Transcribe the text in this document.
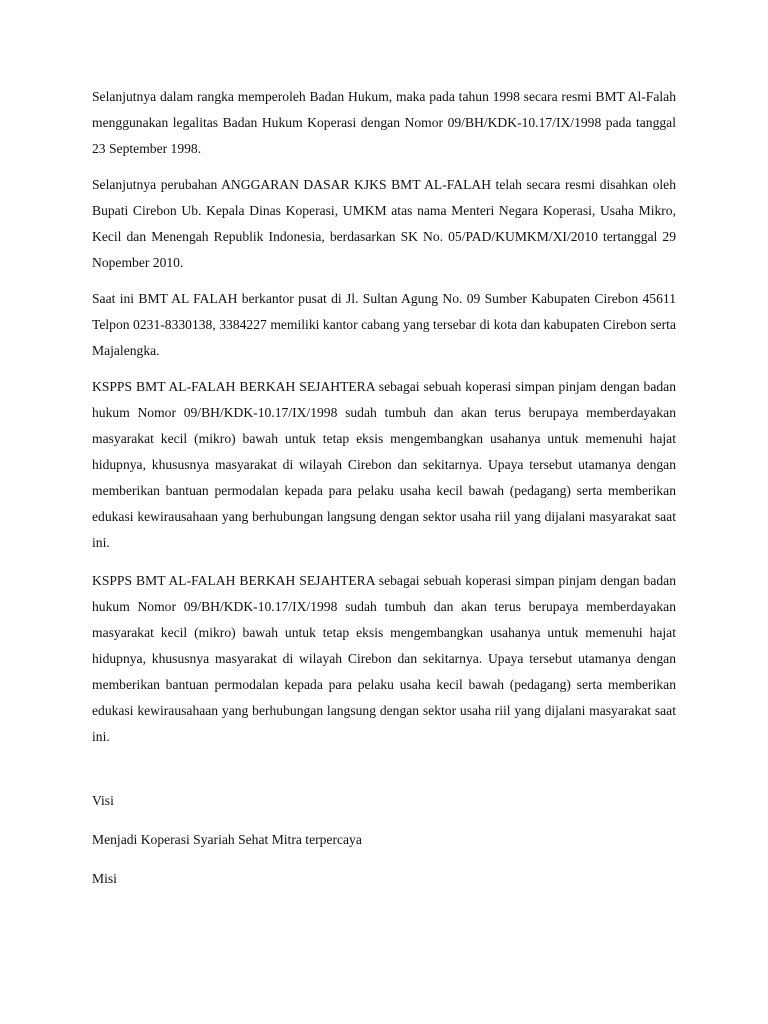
Selanjutnya dalam rangka memperoleh Badan Hukum, maka pada tahun 1998 secara resmi BMT Al-Falah menggunakan legalitas Badan Hukum Koperasi dengan Nomor 09/BH/KDK-10.17/IX/1998 pada tanggal 23 September 1998.

Selanjutnya perubahan ANGGARAN DASAR KJKS BMT AL-FALAH telah secara resmi disahkan oleh Bupati Cirebon Ub. Kepala Dinas Koperasi, UMKM atas nama Menteri Negara Koperasi, Usaha Mikro, Kecil dan Menengah Republik Indonesia, berdasarkan SK No. 05/PAD/KUMKM/XI/2010 tertanggal 29 Nopember 2010.

Saat ini BMT AL FALAH berkantor pusat di Jl. Sultan Agung No. 09 Sumber Kabupaten Cirebon 45611 Telpon 0231-8330138, 3384227 memiliki kantor cabang yang tersebar di kota dan kabupaten Cirebon serta Majalengka.

KSPPS BMT AL-FALAH BERKAH SEJAHTERA sebagai sebuah koperasi simpan pinjam dengan badan hukum Nomor 09/BH/KDK-10.17/IX/1998 sudah tumbuh dan akan terus berupaya memberdayakan masyarakat kecil (mikro) bawah untuk tetap eksis mengembangkan usahanya untuk memenuhi hajat hidupnya, khususnya masyarakat di wilayah Cirebon dan sekitarnya. Upaya tersebut utamanya dengan memberikan bantuan permodalan kepada para pelaku usaha kecil bawah (pedagang) serta memberikan edukasi kewirausahaan yang berhubungan langsung dengan sektor usaha riil yang dijalani masyarakat saat ini.

KSPPS BMT AL-FALAH BERKAH SEJAHTERA sebagai sebuah koperasi simpan pinjam dengan badan hukum Nomor 09/BH/KDK-10.17/IX/1998 sudah tumbuh dan akan terus berupaya memberdayakan masyarakat kecil (mikro) bawah untuk tetap eksis mengembangkan usahanya untuk memenuhi hajat hidupnya, khususnya masyarakat di wilayah Cirebon dan sekitarnya. Upaya tersebut utamanya dengan memberikan bantuan permodalan kepada para pelaku usaha kecil bawah (pedagang) serta memberikan edukasi kewirausahaan yang berhubungan langsung dengan sektor usaha riil yang dijalani masyarakat saat ini.

Visi

Menjadi Koperasi Syariah Sehat Mitra terpercaya

Misi
